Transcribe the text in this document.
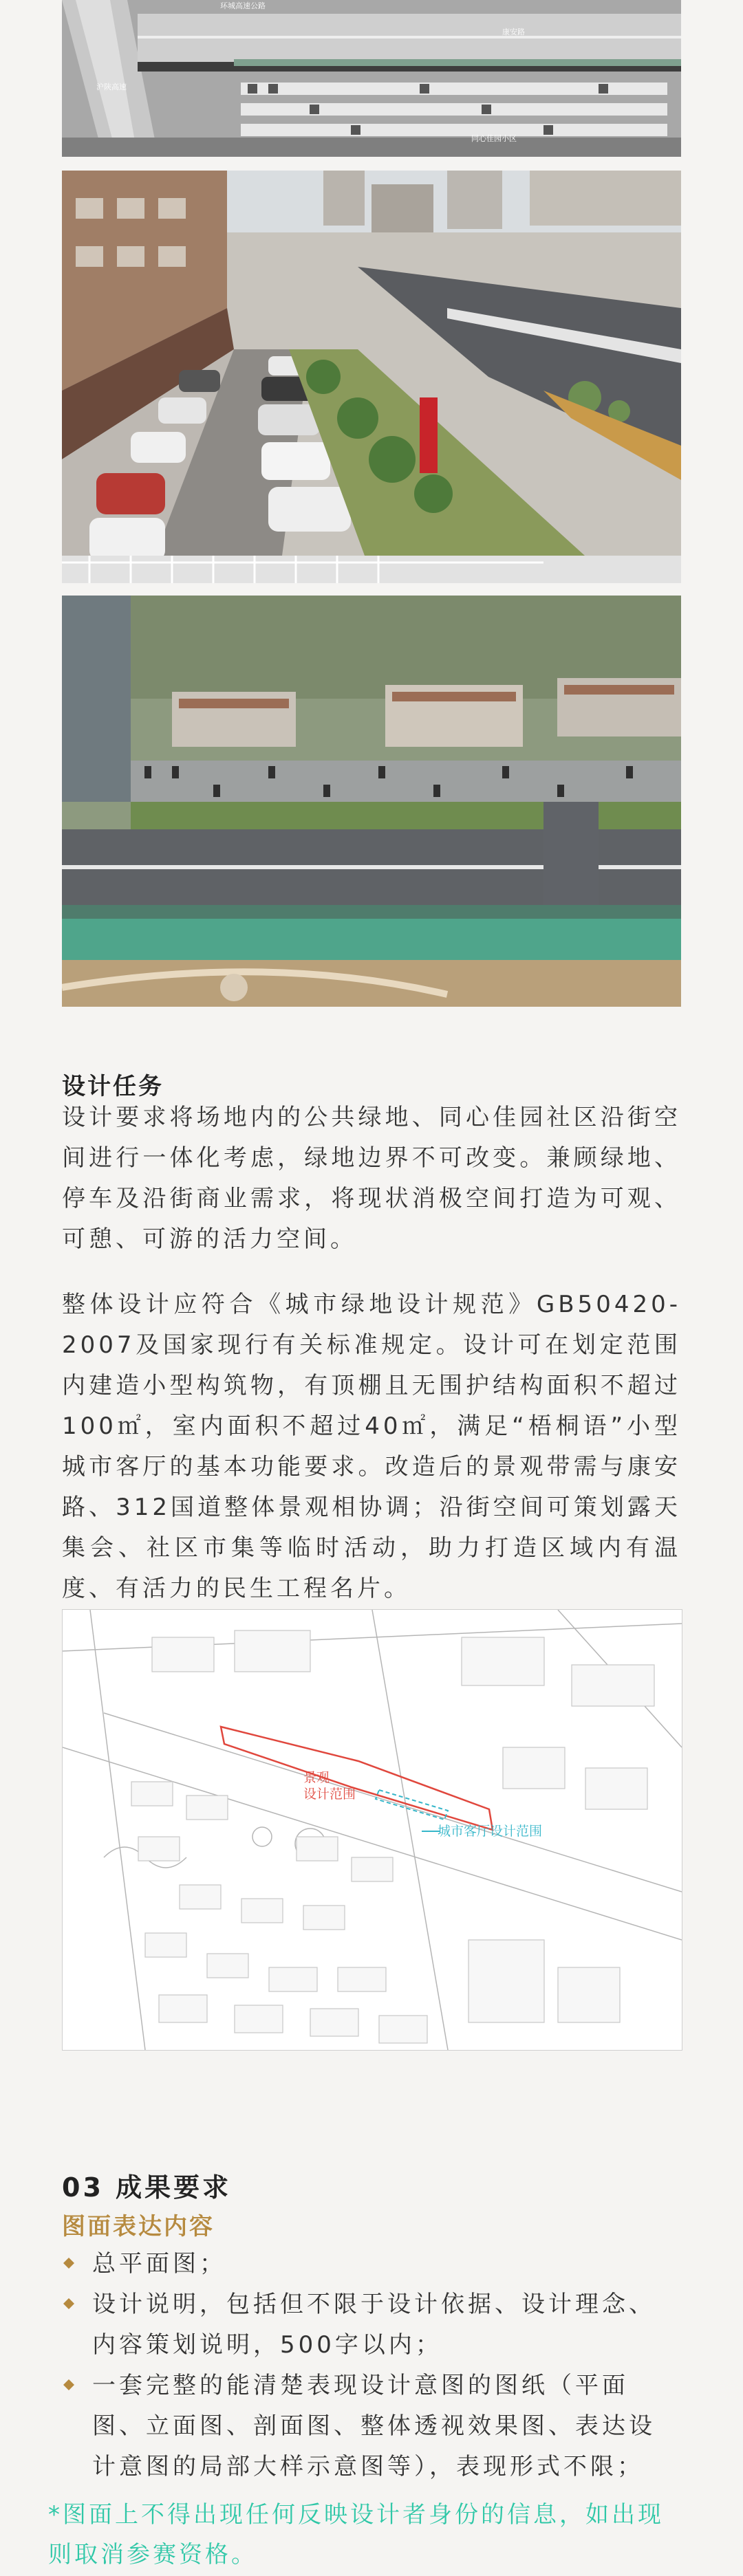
环城高速公路
康安路
沪陕高速
同心佳园小区
设计任务

设计要求将场地内的公共绿地、同心佳园社区沿街空间进行一体化考虑，绿地边界不可改变。兼顾绿地、停车及沿街商业需求，将现状消极空间打造为可观、可憩、可游的活力空间。

整体设计应符合《城市绿地设计规范》GB50420-2007及国家现行有关标准规定。设计可在划定范围内建造小型构筑物，有顶棚且无围护结构面积不超过100㎡，室内面积不超过40㎡，满足“梧桐语”小型城市客厅的基本功能要求。改造后的景观带需与康安路、312国道整体景观相协调；沿街空间可策划露天集会、社区市集等临时活动，助力打造区域内有温度、有活力的民生工程名片。

景观
设计范围
城市客厅设计范围
03 成果要求
图面表达内容
总平面图；
设计说明，包括但不限于设计依据、设计理念、内容策划说明，500字以内；
一套完整的能清楚表现设计意图的图纸（平面图、立面图、剖面图、整体透视效果图、表达设计意图的局部大样示意图等），表现形式不限；

*图面上不得出现任何反映设计者身份的信息，如出现则取消参赛资格。
